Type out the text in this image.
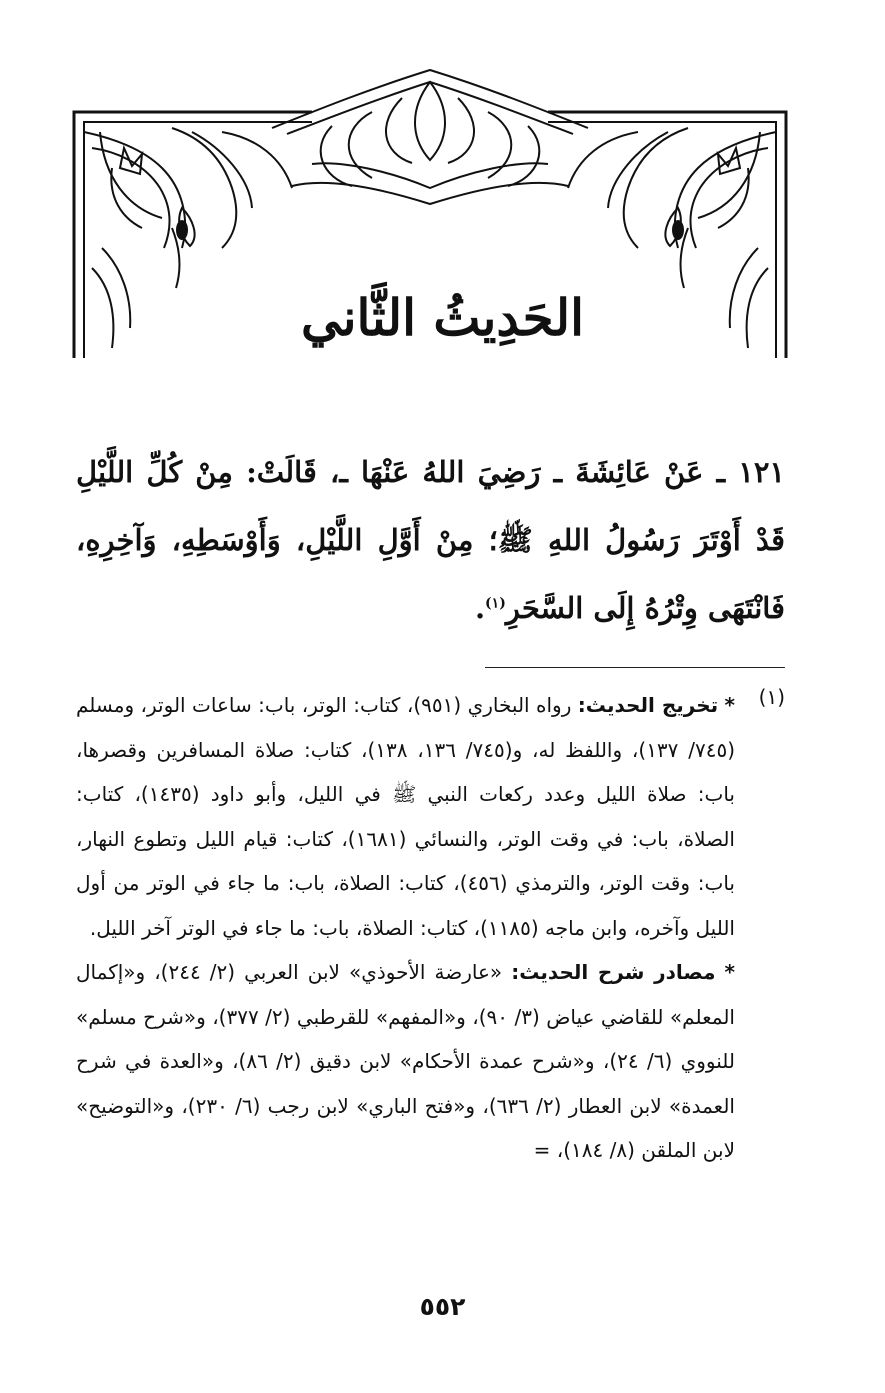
الحَدِيثُ الثَّاني
١٢١ ـ عَنْ عَائِشَةَ ـ رَضِيَ اللهُ عَنْهَا ـ، قَالَتْ: مِنْ كُلِّ اللَّيْلِ قَدْ أَوْتَرَ رَسُولُ اللهِ ﷺ؛ مِنْ أَوَّلِ اللَّيْلِ، وَأَوْسَطِهِ، وَآخِرِهِ، فَانْتَهَى وِتْرُهُ إِلَى السَّحَرِ$^{(١)}$.
(١)

* تخريج الحديث: رواه البخاري (٩٥١)، كتاب: الوتر، باب: ساعات الوتر، ومسلم (٧٤٥/ ١٣٧)، واللفظ له، و(٧٤٥/ ١٣٦، ١٣٨)، كتاب: صلاة المسافرين وقصرها، باب: صلاة الليل وعدد ركعات النبي ﷺ في الليل، وأبو داود (١٤٣٥)، كتاب: الصلاة، باب: في وقت الوتر، والنسائي (١٦٨١)، كتاب: قيام الليل وتطوع النهار، باب: وقت الوتر، والترمذي (٤٥٦)، كتاب: الصلاة، باب: ما جاء في الوتر من أول الليل وآخره، وابن ماجه (١١٨٥)، كتاب: الصلاة، باب: ما جاء في الوتر آخر الليل.

* مصادر شرح الحديث: «عارضة الأحوذي» لابن العربي (٢/ ٢٤٤)، و«إكمال المعلم» للقاضي عياض (٣/ ٩٠)، و«المفهم» للقرطبي (٢/ ٣٧٧)، و«شرح مسلم» للنووي (٦/ ٢٤)، و«شرح عمدة الأحكام» لابن دقيق (٢/ ٨٦)، و«العدة في شرح العمدة» لابن العطار (٢/ ٦٣٦)، و«فتح الباري» لابن رجب (٦/ ٢٣٠)، و«التوضيح» لابن الملقن (٨/ ١٨٤)، =

٥٥٢
